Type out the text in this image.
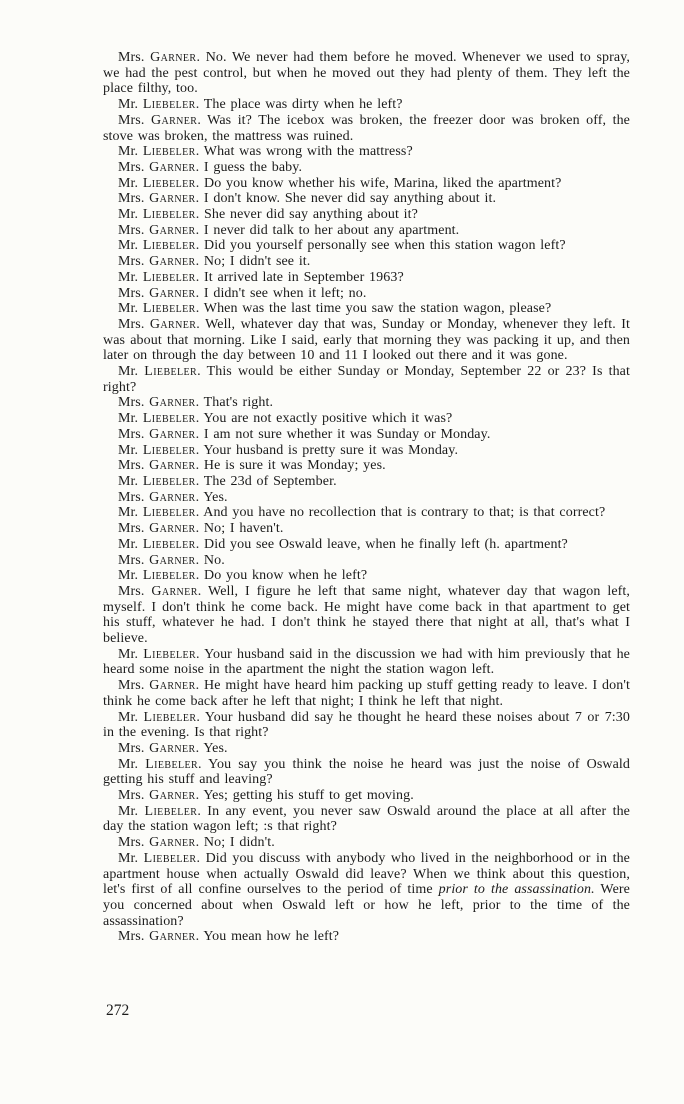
Mrs. Garner. No. We never had them before he moved. Whenever we used to spray, we had the pest control, but when he moved out they had plenty of them. They left the place filthy, too.

Mr. Liebeler. The place was dirty when he left?

Mrs. Garner. Was it? The icebox was broken, the freezer door was broken off, the stove was broken, the mattress was ruined.

Mr. Liebeler. What was wrong with the mattress?

Mrs. Garner. I guess the baby.

Mr. Liebeler. Do you know whether his wife, Marina, liked the apartment?

Mrs. Garner. I don't know. She never did say anything about it.

Mr. Liebeler. She never did say anything about it?

Mrs. Garner. I never did talk to her about any apartment.

Mr. Liebeler. Did you yourself personally see when this station wagon left?

Mrs. Garner. No; I didn't see it.

Mr. Liebeler. It arrived late in September 1963?

Mrs. Garner. I didn't see when it left; no.

Mr. Liebeler. When was the last time you saw the station wagon, please?

Mrs. Garner. Well, whatever day that was, Sunday or Monday, whenever they left. It was about that morning. Like I said, early that morning they was packing it up, and then later on through the day between 10 and 11 I looked out there and it was gone.

Mr. Liebeler. This would be either Sunday or Monday, September 22 or 23? Is that right?

Mrs. Garner. That's right.

Mr. Liebeler. You are not exactly positive which it was?

Mrs. Garner. I am not sure whether it was Sunday or Monday.

Mr. Liebeler. Your husband is pretty sure it was Monday.

Mrs. Garner. He is sure it was Monday; yes.

Mr. Liebeler. The 23d of September.

Mrs. Garner. Yes.

Mr. Liebeler. And you have no recollection that is contrary to that; is that correct?

Mrs. Garner. No; I haven't.

Mr. Liebeler. Did you see Oswald leave, when he finally left (h. apartment?

Mrs. Garner. No.

Mr. Liebeler. Do you know when he left?

Mrs. Garner. Well, I figure he left that same night, whatever day that wagon left, myself. I don't think he come back. He might have come back in that apartment to get his stuff, whatever he had. I don't think he stayed there that night at all, that's what I believe.

Mr. Liebeler. Your husband said in the discussion we had with him previously that he heard some noise in the apartment the night the station wagon left.

Mrs. Garner. He might have heard him packing up stuff getting ready to leave. I don't think he come back after he left that night; I think he left that night.

Mr. Liebeler. Your husband did say he thought he heard these noises about 7 or 7:30 in the evening. Is that right?

Mrs. Garner. Yes.

Mr. Liebeler. You say you think the noise he heard was just the noise of Oswald getting his stuff and leaving?

Mrs. Garner. Yes; getting his stuff to get moving.

Mr. Liebeler. In any event, you never saw Oswald around the place at all after the day the station wagon left; :s that right?

Mrs. Garner. No; I didn't.

Mr. Liebeler. Did you discuss with anybody who lived in the neighborhood or in the apartment house when actually Oswald did leave? When we think about this question, let's first of all confine ourselves to the period of time prior to the assassination. Were you concerned about when Oswald left or how he left, prior to the time of the assassination?

Mrs. Garner. You mean how he left?

272
